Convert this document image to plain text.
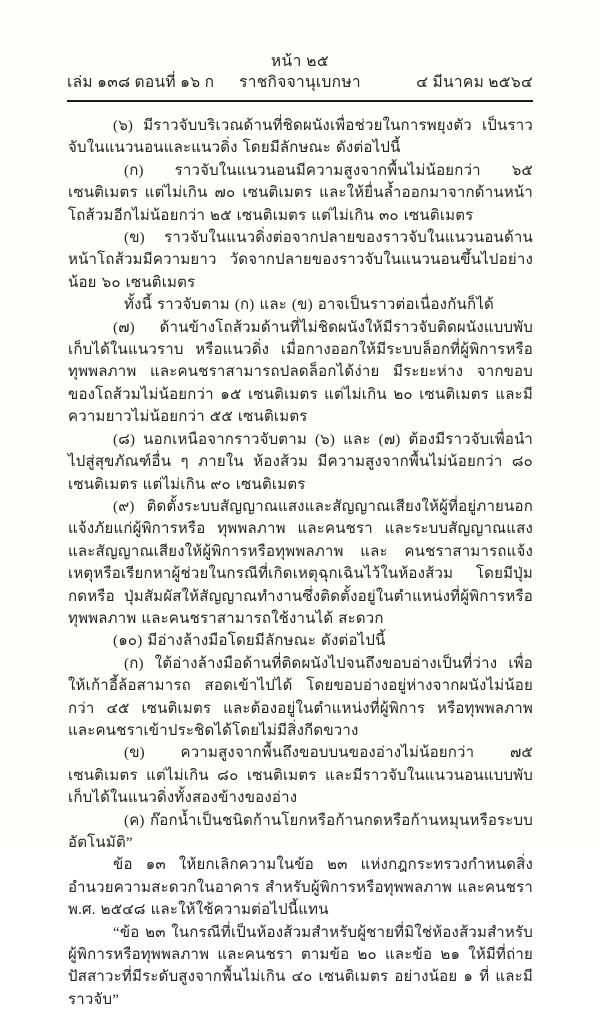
หน้า ๒๕
เล่ม ๑๓๘ ตอนที่ ๑๖ ก	ราชกิจจานุเบกษา	๔ มีนาคม ๒๕๖๔

(๖) มีราวจับบริเวณด้านที่ชิดผนังเพื่อช่วยในการพยุงตัว เป็นราวจับในแนวนอนและแนวดิ่ง โดยมีลักษณะ ดังต่อไปนี้

(ก) ราวจับในแนวนอนมีความสูงจากพื้นไม่น้อยกว่า ๖๕ เซนติเมตร แต่ไม่เกิน ๗๐ เซนติเมตร และให้ยื่นล้ำออกมาจากด้านหน้าโถส้วมอีกไม่น้อยกว่า ๒๕ เซนติเมตร แต่ไม่เกิน ๓๐ เซนติเมตร

(ข) ราวจับในแนวดิ่งต่อจากปลายของราวจับในแนวนอนด้านหน้าโถส้วมมีความยาว วัดจากปลายของราวจับในแนวนอนขึ้นไปอย่างน้อย ๖๐ เซนติเมตร

ทั้งนี้ ราวจับตาม (ก) และ (ข) อาจเป็นราวต่อเนื่องกันก็ได้

(๗) ด้านข้างโถส้วมด้านที่ไม่ชิดผนังให้มีราวจับติดผนังแบบพับเก็บได้ในแนวราบ หรือแนวดิ่ง เมื่อกางออกให้มีระบบล็อกที่ผู้พิการหรือทุพพลภาพ และคนชราสามารถปลดล็อกได้ง่าย มีระยะห่าง จากขอบของโถส้วมไม่น้อยกว่า ๑๕ เซนติเมตร แต่ไม่เกิน ๒๐ เซนติเมตร และมีความยาวไม่น้อยกว่า ๕๕ เซนติเมตร

(๘) นอกเหนือจากราวจับตาม (๖) และ (๗) ต้องมีราวจับเพื่อนำไปสู่สุขภัณฑ์อื่น ๆ ภายใน ห้องส้วม มีความสูงจากพื้นไม่น้อยกว่า ๘๐ เซนติเมตร แต่ไม่เกิน ๙๐ เซนติเมตร

(๙) ติดตั้งระบบสัญญาณแสงและสัญญาณเสียงให้ผู้ที่อยู่ภายนอกแจ้งภัยแก่ผู้พิการหรือ ทุพพลภาพ และคนชรา และระบบสัญญาณแสงและสัญญาณเสียงให้ผู้พิการหรือทุพพลภาพ และ คนชราสามารถแจ้งเหตุหรือเรียกหาผู้ช่วยในกรณีที่เกิดเหตุฉุกเฉินไว้ในห้องส้วม โดยมีปุ่มกดหรือ ปุ่มสัมผัสให้สัญญาณทำงานซึ่งติดตั้งอยู่ในตำแหน่งที่ผู้พิการหรือทุพพลภาพ และคนชราสามารถใช้งานได้ สะดวก

(๑๐) มีอ่างล้างมือโดยมีลักษณะ ดังต่อไปนี้

(ก) ใต้อ่างล้างมือด้านที่ติดผนังไปจนถึงขอบอ่างเป็นที่ว่าง เพื่อให้เก้าอี้ล้อสามารถ สอดเข้าไปได้ โดยขอบอ่างอยู่ห่างจากผนังไม่น้อยกว่า ๔๕ เซนติเมตร และต้องอยู่ในตำแหน่งที่ผู้พิการ หรือทุพพลภาพ และคนชราเข้าประชิดได้โดยไม่มีสิ่งกีดขวาง

(ข) ความสูงจากพื้นถึงขอบบนของอ่างไม่น้อยกว่า ๗๕ เซนติเมตร แต่ไม่เกิน ๘๐ เซนติเมตร และมีราวจับในแนวนอนแบบพับเก็บได้ในแนวดิ่งทั้งสองข้างของอ่าง

(ค) ก๊อกน้ำเป็นชนิดก้านโยกหรือก้านกดหรือก้านหมุนหรือระบบอัตโนมัติ”

ข้อ ๑๓ ให้ยกเลิกความในข้อ ๒๓ แห่งกฎกระทรวงกำหนดสิ่งอำนวยความสะดวกในอาคาร สำหรับผู้พิการหรือทุพพลภาพ และคนชรา พ.ศ. ๒๕๔๘ และให้ใช้ความต่อไปนี้แทน

“ข้อ ๒๓ ในกรณีที่เป็นห้องส้วมสำหรับผู้ชายที่มิใช่ห้องส้วมสำหรับผู้พิการหรือทุพพลภาพ และคนชรา ตามข้อ ๒๐ และข้อ ๒๑ ให้มีที่ถ่ายปัสสาวะที่มีระดับสูงจากพื้นไม่เกิน ๔๐ เซนติเมตร อย่างน้อย ๑ ที่ และมีราวจับ”
